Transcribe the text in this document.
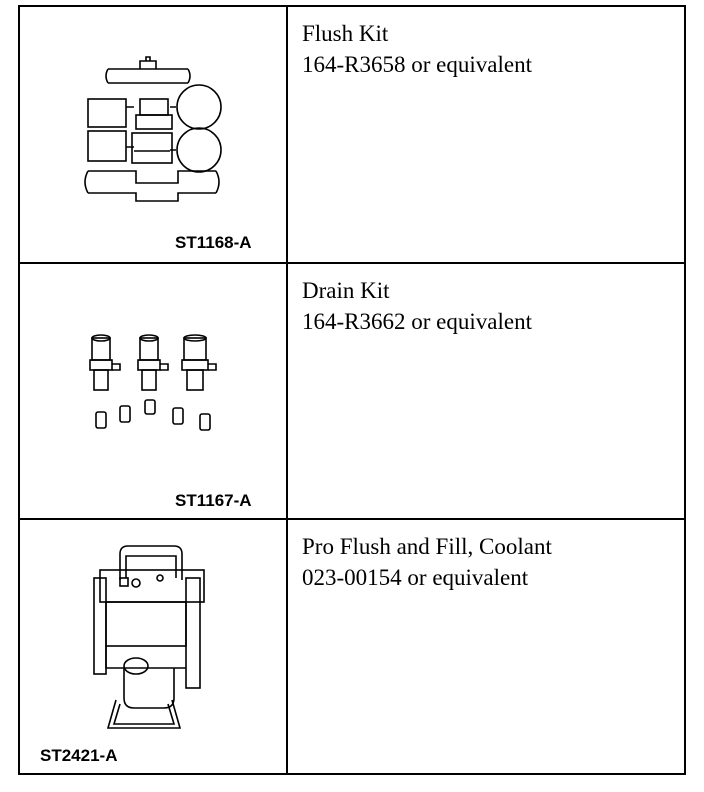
ST1168-A
Flush Kit
164-R3658 or equivalent
ST1167-A
Drain Kit
164-R3662 or equivalent
ST2421-A
Pro Flush and Fill, Coolant
023-00154 or equivalent
